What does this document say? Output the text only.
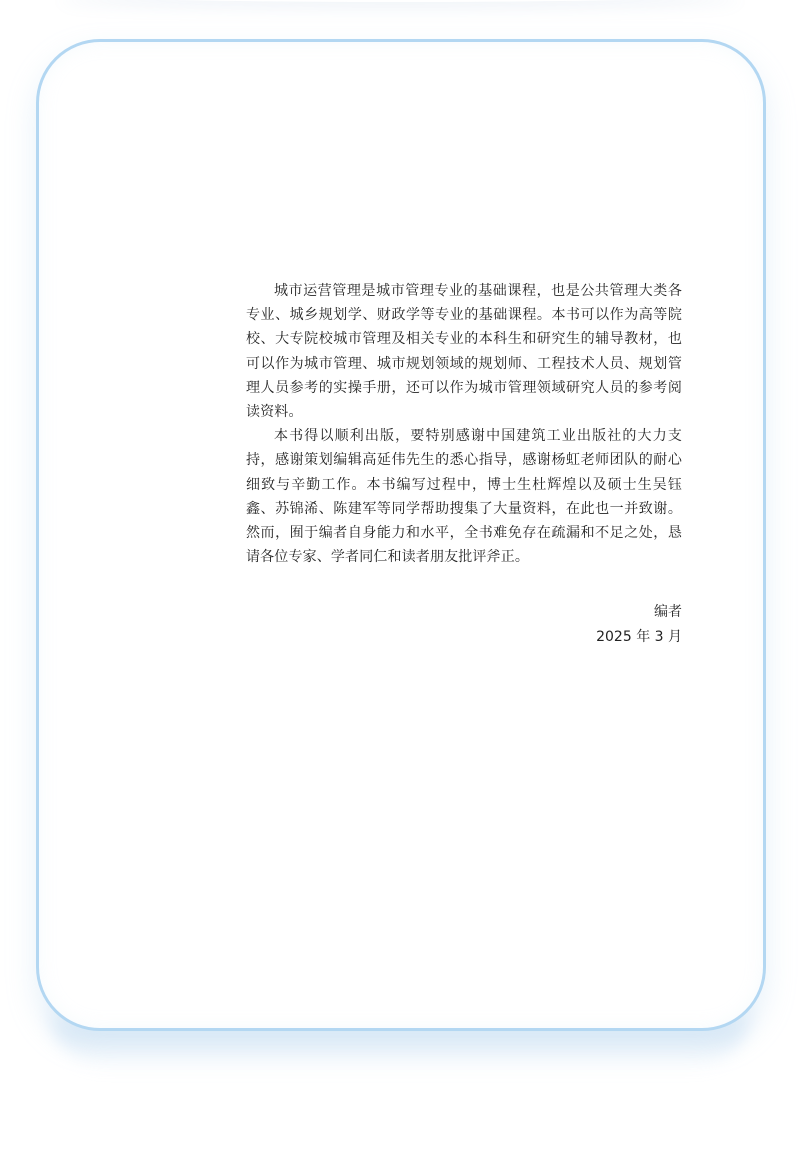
城市运营管理是城市管理专业的基础课程，也是公共管理大类各专业、城乡规划学、财政学等专业的基础课程。本书可以作为高等院校、大专院校城市管理及相关专业的本科生和研究生的辅导教材，也可以作为城市管理、城市规划领域的规划师、工程技术人员、规划管理人员参考的实操手册，还可以作为城市管理领域研究人员的参考阅读资料。

本书得以顺利出版，要特别感谢中国建筑工业出版社的大力支持，感谢策划编辑高延伟先生的悉心指导，感谢杨虹老师团队的耐心细致与辛勤工作。本书编写过程中，博士生杜辉煌以及硕士生吴钰鑫、苏锦浠、陈建军等同学帮助搜集了大量资料，在此也一并致谢。然而，囿于编者自身能力和水平，全书难免存在疏漏和不足之处，恳请各位专家、学者同仁和读者朋友批评斧正。

编者
2025 年 3 月
